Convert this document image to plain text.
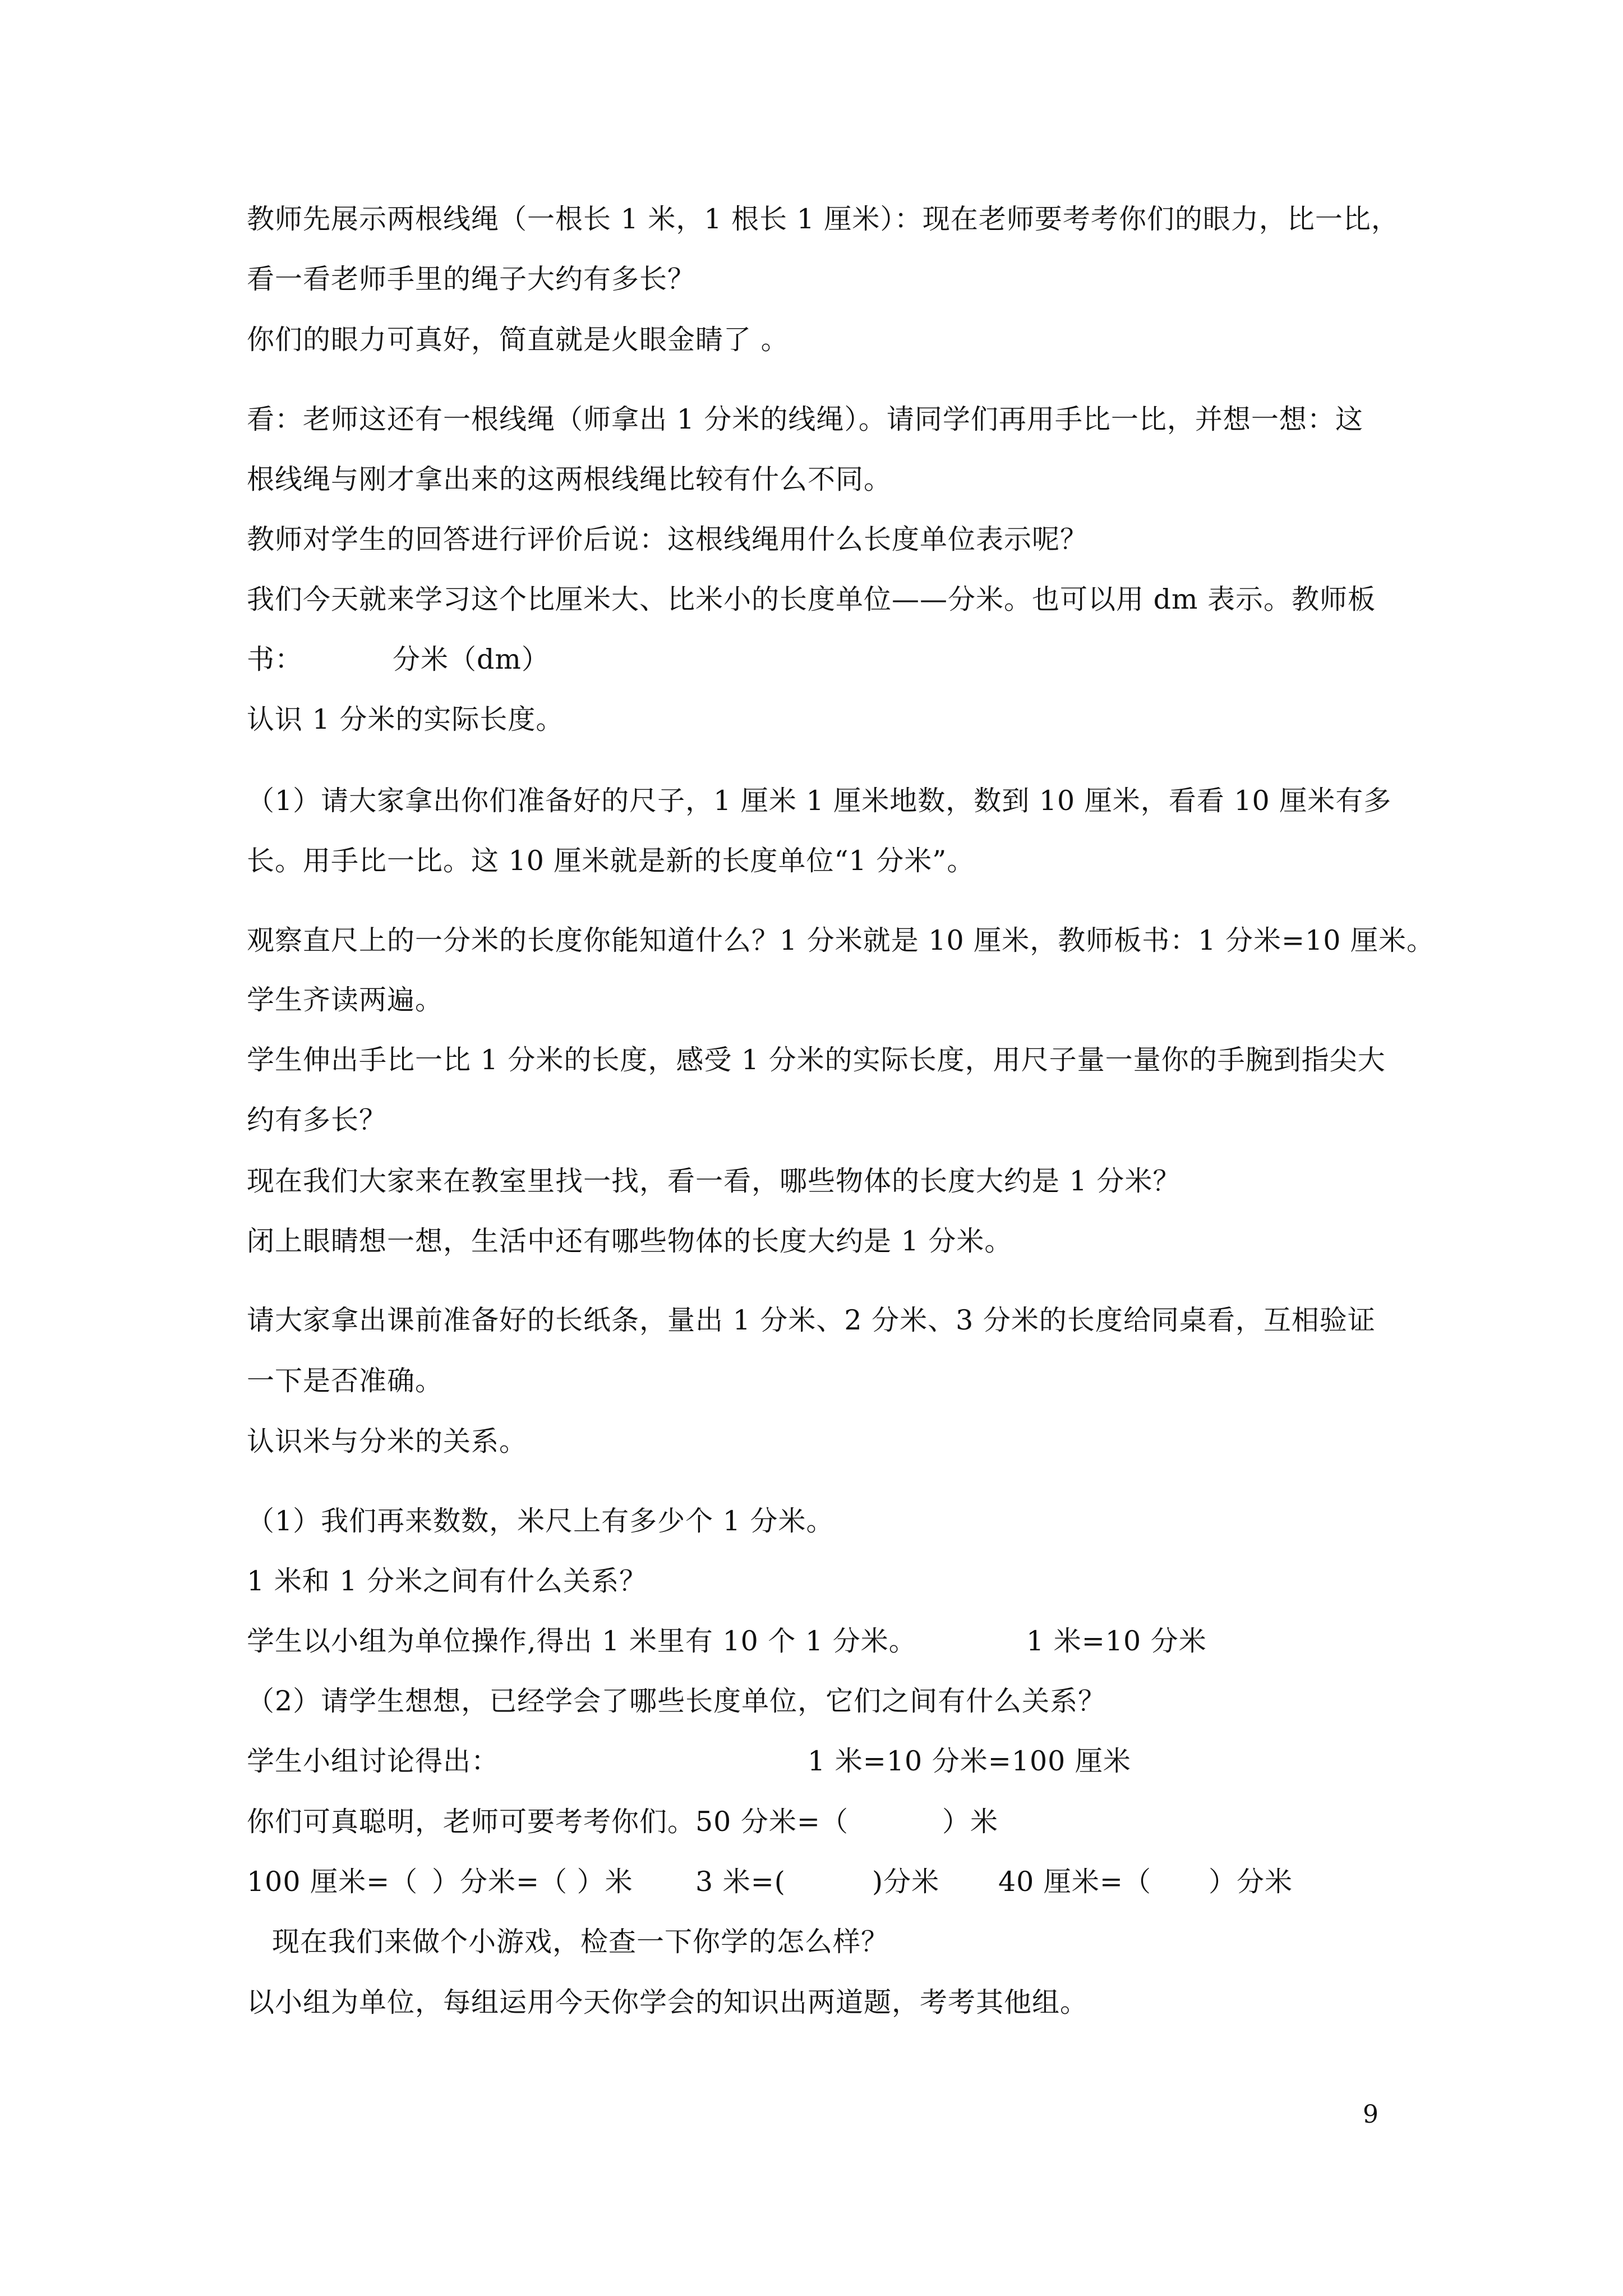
教师先展示两根线绳（一根长 1 米，1 根长 1 厘米）：现在老师要考考你们的眼力，比一比，
看一看老师手里的绳子大约有多长？
你们的眼力可真好，简直就是火眼金睛了 。
看：老师这还有一根线绳（师拿出 1 分米的线绳）。请同学们再用手比一比，并想一想：这
根线绳与刚才拿出来的这两根线绳比较有什么不同。
教师对学生的回答进行评价后说：这根线绳用什么长度单位表示呢？
我们今天就来学习这个比厘米大、比米小的长度单位——分米。也可以用 dm 表示。教师板
书：	分米（dm）
认识 1 分米的实际长度。
（1）请大家拿出你们准备好的尺子，1 厘米 1 厘米地数，数到 10 厘米，看看 10 厘米有多
长。用手比一比。这 10 厘米就是新的长度单位“1 分米”。
观察直尺上的一分米的长度你能知道什么？1 分米就是 10 厘米，教师板书：1 分米=10 厘米。
学生齐读两遍。
学生伸出手比一比 1 分米的长度，感受 1 分米的实际长度，用尺子量一量你的手腕到指尖大
约有多长？
现在我们大家来在教室里找一找，看一看，哪些物体的长度大约是 1 分米？
闭上眼睛想一想，生活中还有哪些物体的长度大约是 1 分米。
请大家拿出课前准备好的长纸条，量出 1 分米、2 分米、3 分米的长度给同桌看，互相验证
一下是否准确。
认识米与分米的关系。
（1）我们再来数数，米尺上有多少个 1 分米。
1 米和 1 分米之间有什么关系？
学生以小组为单位操作,得出 1 米里有 10 个 1 分米。	1 米=10 分米
（2）请学生想想，已经学会了哪些长度单位，它们之间有什么关系？
学生小组讨论得出：	1 米=10 分米=100 厘米
你们可真聪明，老师可要考考你们。50 分米=（	）米
100 厘米=（ ）分米=（ ）米 3 米=(	)分米 40 厘米=（ ）分米
现在我们来做个小游戏，检查一下你学的怎么样？
以小组为单位，每组运用今天你学会的知识出两道题，考考其他组。
9
